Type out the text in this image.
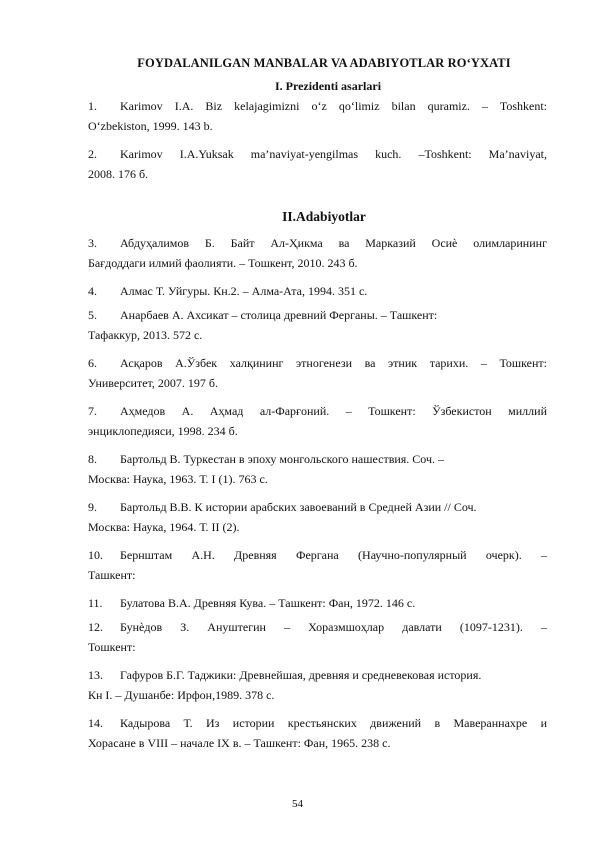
FOYDALANILGAN MANBALAR VA ADABIYOTLAR RO‘YXATI
I. Prezidenti asarlari
1.	Karimov I.A. Biz kelajagimizni o‘z qo‘limiz bilan quramiz. – Toshkent:
O‘zbekiston, 1999. 143 b.
2.	Karimov I.A.Yuksak ma’naviyat-yengilmas kuch. –Toshkent: Ma’naviyat,
2008. 176 б.
II.Adabiyotlar
3.	Абдуҳалимов Б. Байт Ал-Ҳикма ва Марказий Осиѐ олимларининг
Бағдоддаги илмий фаолияти. – Тошкент, 2010. 243 б.
4.	Алмас Т. Уйгуры. Кн.2. – Алма-Ата, 1994. 351 с.
5.	Анарбаев А. Ахсикат – столица древний Ферганы. – Ташкент:
Тафаккур, 2013. 572 с.
6.	Асқаров А.Ўзбек халқининг этногенези ва этник тарихи. – Тошкент:
Университет, 2007. 197 б.
7.	Аҳмедов А. Аҳмад ал-Фарғоний. – Тошкент: Ўзбекистон миллий
энциклопедияси, 1998. 234 б.
8.	Бартольд В. Туркестан в эпоху монгольского нашествия. Соч. –
Москва: Наука, 1963. Т. I (1). 763 с.
9.	Бартольд В.В. К истории арабских завоеваний в Средней Азии // Соч.
Москва: Наука, 1964. Т. II (2).
10.	Бернштам А.Н. Древняя Фергана (Научно-популярный очерк). –
Ташкент:
11.	Булатова В.А. Древняя Кува. – Ташкент: Фан, 1972. 146 с.
12.	Бунѐдов З. Ануштегин – Хоразмшоҳлар давлати (1097-1231). –
Тошкент:
13.	Гафуров Б.Г. Таджики: Древнейшая, древняя и средневековая история.
Кн I. – Душанбе: Ирфон,1989. 378 с.
14.	Кадырова Т. Из истории крестьянских движений в Мавераннахре и
Хорасане в VIII – начале IX в. – Ташкент: Фан, 1965. 238 с.
54
